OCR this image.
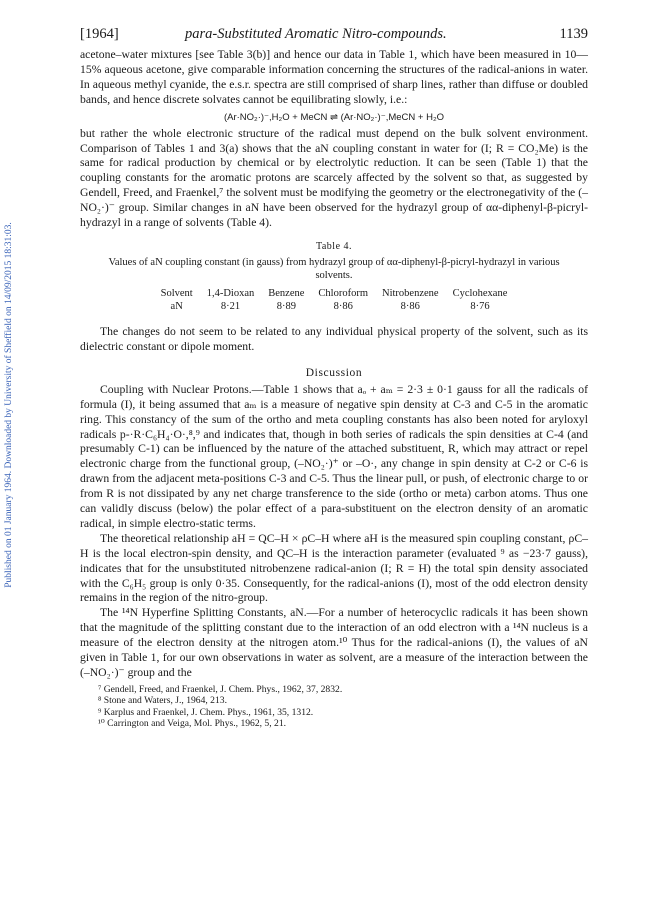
Published on 01 January 1964. Downloaded by University of Sheffield on 14/09/2015 18:31:03.
[1964]	para-Substituted Aromatic Nitro-compounds.	1139

acetone–water mixtures [see Table 3(b)] and hence our data in Table 1, which have been measured in 10—15% aqueous acetone, give comparable information concerning the structures of the radical-anions in water. In aqueous methyl cyanide, the e.s.r. spectra are still comprised of sharp lines, rather than diffuse or doubled bands, and hence discrete solvates cannot be equilibrating slowly, i.e.:

(Ar·NO₂·)⁻,H₂O + MeCN ⇌ (Ar·NO₂·)⁻,MeCN + H₂O

but rather the whole electronic structure of the radical must depend on the bulk solvent environment. Comparison of Tables 1 and 3(a) shows that the aN coupling constant in water for (I; R = CO₂Me) is the same for radical production by chemical or by electrolytic reduction. It can be seen (Table 1) that the coupling constants for the aromatic protons are scarcely affected by the solvent so that, as suggested by Gendell, Freed, and Fraenkel,⁷ the solvent must be modifying the geometry or the electronegativity of the (–NO₂·)⁻ group. Similar changes in aN have been observed for the hydrazyl group of αα-diphenyl-β-picryl-hydrazyl in a range of solvents (Table 4).

Table 4.
Values of aN coupling constant (in gauss) from hydrazyl group of αα-diphenyl-β-picryl-hydrazyl in various solvents.
Solvent	1,4-Dioxan	Benzene	Chloroform	Nitrobenzene	Cyclohexane
aN	8·21	8·89	8·86	8·86	8·76

The changes do not seem to be related to any individual physical property of the solvent, such as its dielectric constant or dipole moment.

Discussion

Coupling with Nuclear Protons.—Table 1 shows that aₒ + aₘ = 2·3 ± 0·1 gauss for all the radicals of formula (I), it being assumed that aₘ is a measure of negative spin density at C-3 and C-5 in the aromatic ring. This constancy of the sum of the ortho and meta coupling constants has also been noted for aryloxyl radicals p-·R·C₆H₄·O·,⁸,⁹ and indicates that, though in both series of radicals the spin densities at C-4 (and presumably C-1) can be influenced by the nature of the attached substituent, R, which may attract or repel electronic charge from the functional group, (–NO₂·)⁺ or –O·, any change in spin density at C-2 or C-6 is drawn from the adjacent meta-positions C-3 and C-5. Thus the linear pull, or push, of electronic charge to or from R is not dissipated by any net charge transference to the side (ortho or meta) carbon atoms. Thus one can validly discuss (below) the polar effect of a para-substituent on the electron density of an aromatic radical, in simple electro-static terms.

The theoretical relationship aH = QC–H × ρC–H where aH is the measured spin coupling constant, ρC–H is the local electron-spin density, and QC–H is the interaction parameter (evaluated ⁹ as −23·7 gauss), indicates that for the unsubstituted nitrobenzene radical-anion (I; R = H) the total spin density associated with the C₆H₅ group is only 0·35. Consequently, for the radical-anions (I), most of the odd electron density remains in the region of the nitro-group.

The ¹⁴N Hyperfine Splitting Constants, aN.—For a number of heterocyclic radicals it has been shown that the magnitude of the splitting constant due to the interaction of an odd electron with a ¹⁴N nucleus is a measure of the electron density at the nitrogen atom.¹⁰ Thus for the radical-anions (I), the values of aN given in Table 1, for our own observations in water as solvent, are a measure of the interaction between the (–NO₂·)⁻ group and the

⁷ Gendell, Freed, and Fraenkel, J. Chem. Phys., 1962, 37, 2832.
⁸ Stone and Waters, J., 1964, 213.
⁹ Karplus and Fraenkel, J. Chem. Phys., 1961, 35, 1312.
¹⁰ Carrington and Veiga, Mol. Phys., 1962, 5, 21.
